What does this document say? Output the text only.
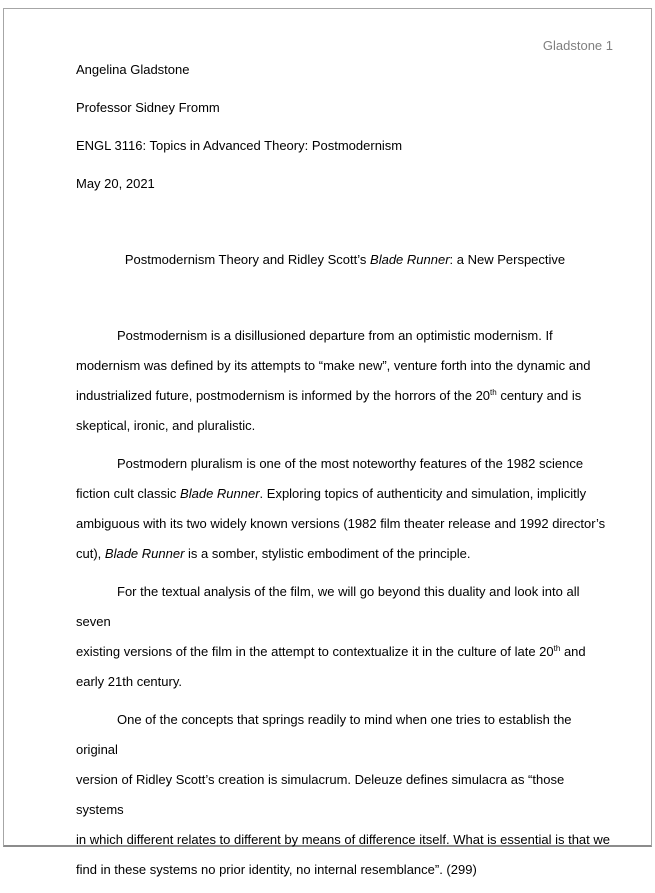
Gladstone 1

Angelina Gladstone

Professor Sidney Fromm

ENGL 3116: Topics in Advanced Theory: Postmodernism

May 20, 2021

Postmodernism Theory and Ridley Scott’s Blade Runner: a New Perspective

Postmodernism is a disillusioned departure from an optimistic modernism. If
modernism was defined by its attempts to “make new”, venture forth into the dynamic and
industrialized future, postmodernism is informed by the horrors of the 20th century and is
skeptical, ironic, and pluralistic.

Postmodern pluralism is one of the most noteworthy features of the 1982 science
fiction cult classic Blade Runner. Exploring topics of authenticity and simulation, implicitly
ambiguous with its two widely known versions (1982 film theater release and 1992 director’s
cut), Blade Runner is a somber, stylistic embodiment of the principle.

For the textual analysis of the film, we will go beyond this duality and look into all seven
existing versions of the film in the attempt to contextualize it in the culture of late 20th and
early 21th century.

One of the concepts that springs readily to mind when one tries to establish the original
version of Ridley Scott’s creation is simulacrum. Deleuze defines simulacra as “those systems
in which different relates to different by means of difference itself. What is essential is that we
find in these systems no prior identity, no internal resemblance”. (299)
